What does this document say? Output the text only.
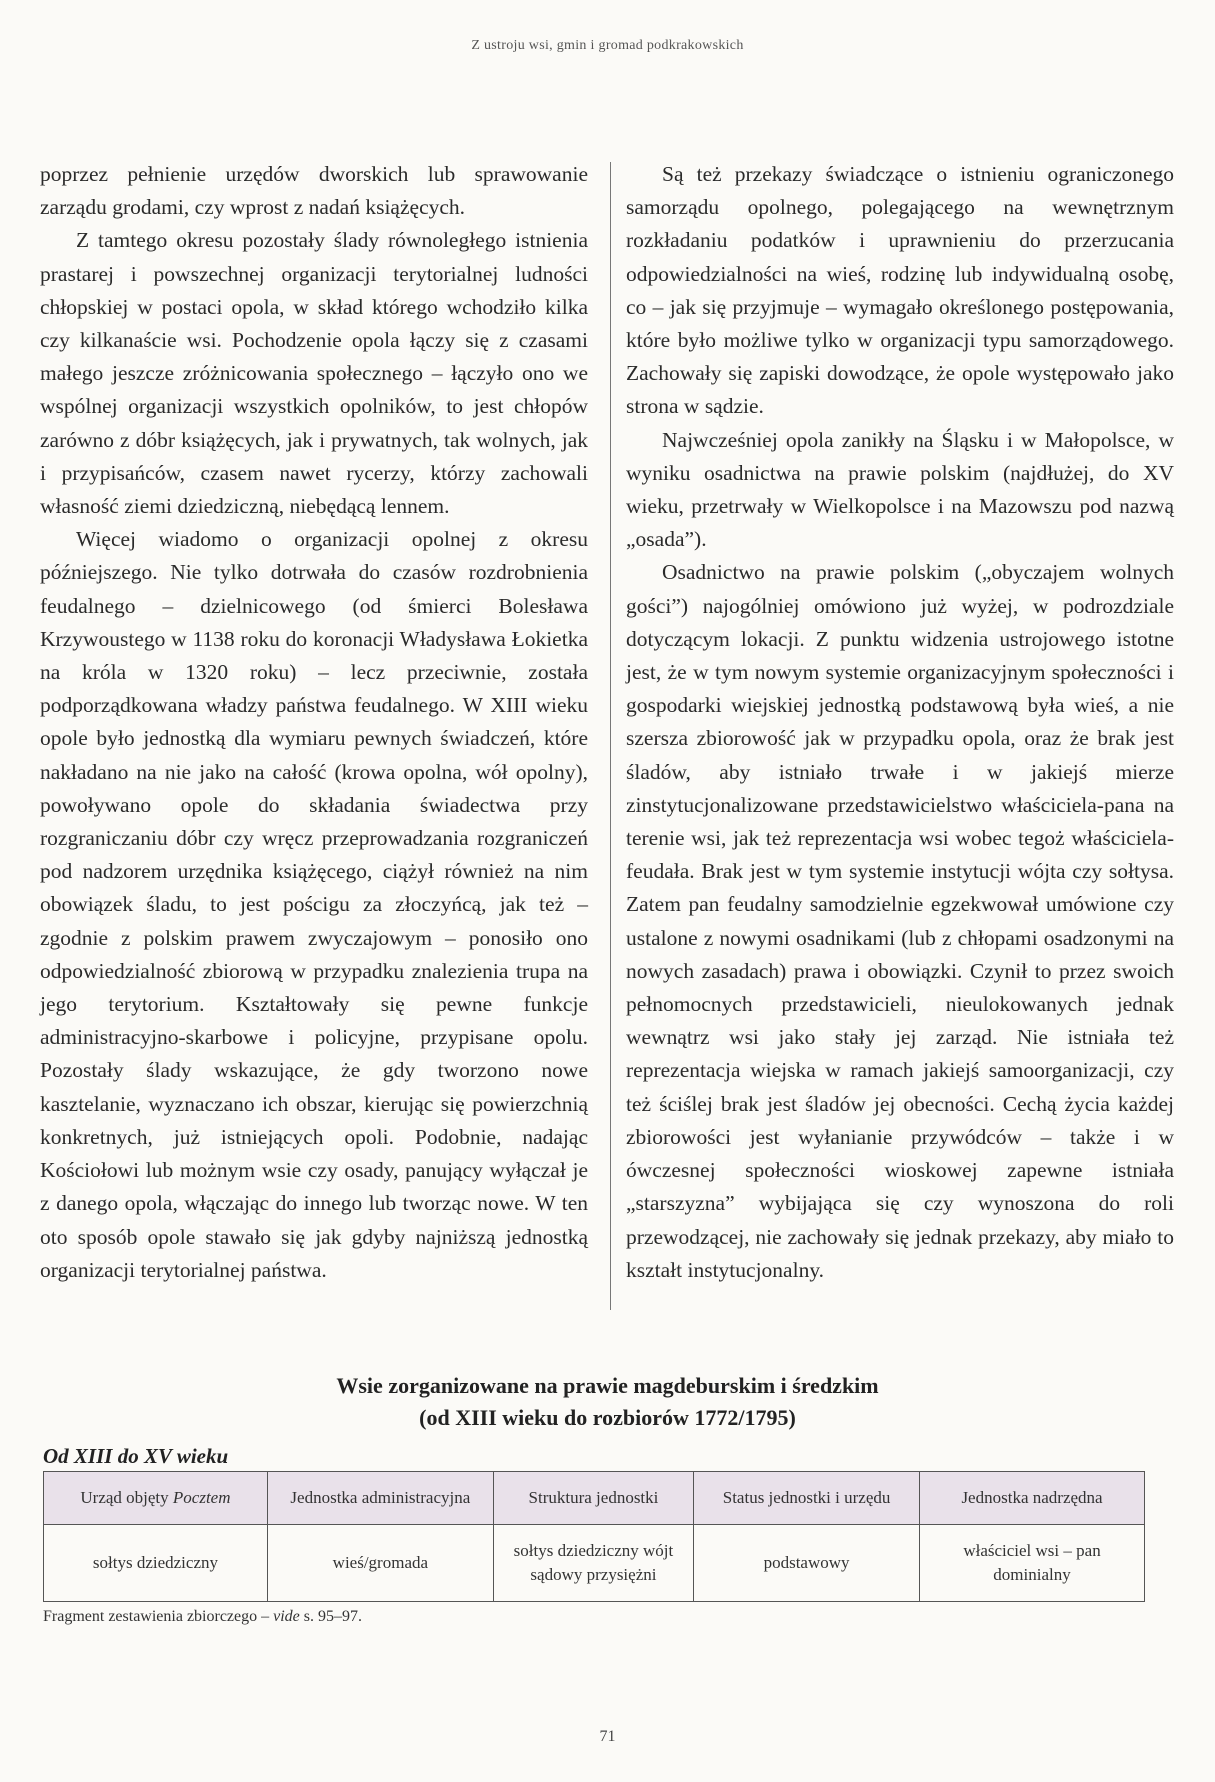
Z ustroju wsi, gmin i gromad podkrakowskich

poprzez pełnienie urzędów dworskich lub sprawowanie zarządu grodami, czy wprost z nadań książęcych.

Z tamtego okresu pozostały ślady równoległego istnienia prastarej i powszechnej organizacji terytorialnej ludności chłopskiej w postaci opola, w skład którego wchodziło kilka czy kilkanaście wsi. Pochodzenie opola łączy się z czasami małego jeszcze zróżnicowania społecznego – łączyło ono we wspólnej organizacji wszystkich opolników, to jest chłopów zarówno z dóbr książęcych, jak i prywatnych, tak wolnych, jak i przypisańców, czasem nawet rycerzy, którzy zachowali własność ziemi dziedziczną, niebędącą lennem.

Więcej wiadomo o organizacji opolnej z okresu późniejszego. Nie tylko dotrwała do czasów rozdrobnienia feudalnego – dzielnicowego (od śmierci Bolesława Krzywoustego w 1138 roku do koronacji Władysława Łokietka na króla w 1320 roku) – lecz przeciwnie, została podporządkowana władzy państwa feudalnego. W XIII wieku opole było jednostką dla wymiaru pewnych świadczeń, które nakładano na nie jako na całość (krowa opolna, wół opolny), powoływano opole do składania świadectwa przy rozgraniczaniu dóbr czy wręcz przeprowadzania rozgraniczeń pod nadzorem urzędnika książęcego, ciążył również na nim obowiązek śladu, to jest pościgu za złoczyńcą, jak też – zgodnie z polskim prawem zwyczajowym – ponosiło ono odpowiedzialność zbiorową w przypadku znalezienia trupa na jego terytorium. Kształtowały się pewne funkcje administracyjno-skarbowe i policyjne, przypisane opolu. Pozostały ślady wskazujące, że gdy tworzono nowe kasztelanie, wyznaczano ich obszar, kierując się powierzchnią konkretnych, już istniejących opoli. Podobnie, nadając Kościołowi lub możnym wsie czy osady, panujący wyłączał je z danego opola, włączając do innego lub tworząc nowe. W ten oto sposób opole stawało się jak gdyby najniższą jednostką organizacji terytorialnej państwa.

Są też przekazy świadczące o istnieniu ograniczonego samorządu opolnego, polegającego na wewnętrznym rozkładaniu podatków i uprawnieniu do przerzucania odpowiedzialności na wieś, rodzinę lub indywidualną osobę, co – jak się przyjmuje – wymagało określonego postępowania, które było możliwe tylko w organizacji typu samorządowego. Zachowały się zapiski dowodzące, że opole występowało jako strona w sądzie.

Najwcześniej opola zanikły na Śląsku i w Małopolsce, w wyniku osadnictwa na prawie polskim (najdłużej, do XV wieku, przetrwały w Wielkopolsce i na Mazowszu pod nazwą „osada”).

Osadnictwo na prawie polskim („obyczajem wolnych gości”) najogólniej omówiono już wyżej, w podrozdziale dotyczącym lokacji. Z punktu widzenia ustrojowego istotne jest, że w tym nowym systemie organizacyjnym społeczności i gospodarki wiejskiej jednostką podstawową była wieś, a nie szersza zbiorowość jak w przypadku opola, oraz że brak jest śladów, aby istniało trwałe i w jakiejś mierze zinstytucjonalizowane przedstawicielstwo właściciela-pana na terenie wsi, jak też reprezentacja wsi wobec tegoż właściciela-feudała. Brak jest w tym systemie instytucji wójta czy sołtysa. Zatem pan feudalny samodzielnie egzekwował umówione czy ustalone z nowymi osadnikami (lub z chłopami osadzonymi na nowych zasadach) prawa i obowiązki. Czynił to przez swoich pełnomocnych przedstawicieli, nieulokowanych jednak wewnątrz wsi jako stały jej zarząd. Nie istniała też reprezentacja wiejska w ramach jakiejś samoorganizacji, czy też ściślej brak jest śladów jej obecności. Cechą życia każdej zbiorowości jest wyłanianie przywódców – także i w ówczesnej społeczności wioskowej zapewne istniała „starszyzna” wybijająca się czy wynoszona do roli przewodzącej, nie zachowały się jednak przekazy, aby miało to kształt instytucjonalny.

Wsie zorganizowane na prawie magdeburskim i średzkim
(od XIII wieku do rozbiorów 1772/1795)
Od XIII do XV wieku
Urząd objęty Pocztem	Jednostka administracyjna	Struktura jednostki	Status jednostki i urzędu	Jednostka nadrzędna
sołtys dziedziczny	wieś/gromada	sołtys dziedziczny wójt sądowy przysiężni	podstawowy	właściciel wsi – pan dominialny
Fragment zestawienia zbiorczego – vide s. 95–97.
71
